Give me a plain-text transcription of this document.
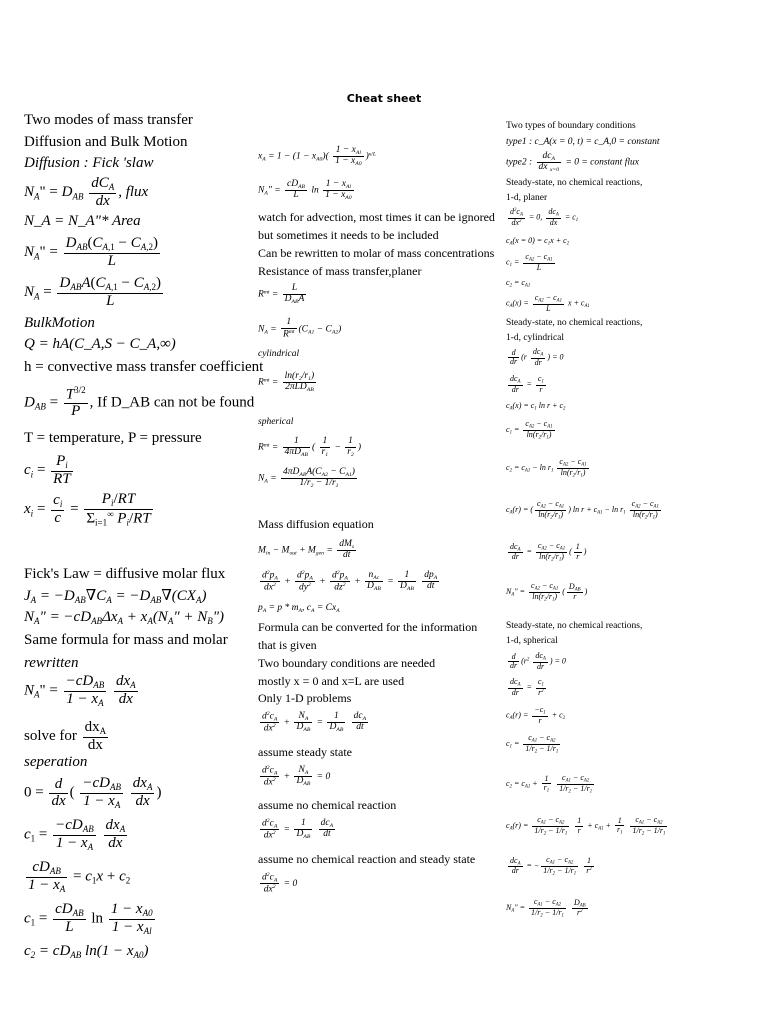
Cheat sheet
Two modes of mass transfer
Diffusion and Bulk Motion
Diffusion : Fick 'slaw
$N_A$" = $D_{AB} \frac{dC_A}{dx}$ , flux
N_A = N_A"* Area
$N_A$" = $\frac{D_{AB}(C_{A,1} - C_{A,2})}{L}$
$N_A = \frac{D_{AB}A(C_{A,1} - C_{A,2})}{L}$
BulkMotion
Q = hA(C_A,S − C_A,∞)
h = convective mass transfer coefficient
$D_{AB} = \frac{T^{3/2}}{P}$ , If D_AB can not be found
T = temperature, P = pressure
$c_i = \frac{P_i}{RT}$
$x_i = \frac{c_i}{c} = \frac{P_i/RT}{\Sigma_{i=1}^\infty P_i/RT}$
Fick's Law = diffusive molar flux
$J_A = -D_{AB}\nabla C_A = -D_{AB}\nabla(CX_A)$
$N_A$" = $-cD_{AB}\Delta x_A + x_A(N_A$" + $N_B$")
Same formula for mass and molar
rewritten
$N_A$" = $\frac{-cD_{AB}}{1 - x_A}$
$\frac{dx_A}{dx}$
solve for $\frac{dx_A}{dx}$
seperation
$0 = \frac{d}{dx}$ ( $\frac{-cD_{AB}}{1 - x_A}$
$\frac{dx_A}{dx}$ )
$c_1 = \frac{-cD_{AB}}{1 - x_A}$
$\frac{dx_A}{dx}$
$\frac{cD_{AB}}{1 - x_A} = c_1x + c_2$
$c_1 = \frac{cD_{AB}}{L}$ $\ln \frac{1 - x_{A0}}{1 - x_{Al}}$
$c_2 = cD_{AB}$ $\ln(1 - x_{A0})$
$x_A = 1 - (1 - x_{A0})( \frac{1 - x_{Al}}{1 - x_{A0}} )^{x/L}$
$N_A$" = $\frac{cD_{AB}}{L}$ $\ln \frac{1 - x_{Al}}{1 - x_{A0}}$
watch for advection, most times it can be ignored
but sometimes it needs to be included
Can be rewritten to molar of mass concentrations
Resistance of mass transfer,planer
$R^{mt} = \frac{L}{D_{AB}A}$
$N_A = \frac{1}{R^{mt}} (C_{A1} - C_{A2})$
cylindrical
$R^{mt} = \frac{\ln(r_2/r_1)}{2\pi LD_{AB}}$
spherical
$R^{mt} = \frac{1}{4\pi D_{AB}}$ ( $\frac{1}{r_1} - \frac{1}{r_2}$ )
$N_A = \frac{4\pi D_{AB}A(C_{A2} - C_{A1})}{1/r_2 - 1/r_1}$
Mass diffusion equation
$M_{in} - M_{out} + M_{gen} = \frac{dM_s}{dt}$
$\frac{d^2p_A}{dx^2} + \frac{d^2p_A}{dy^2} + \frac{d^2p_A}{dz^2} + \frac{n_{Ac}}{D_{AB}} = \frac{1}{D_{AB}}$
$\frac{dp_A}{dt}$
$p_A = p * m_A$, $c_A = Cx_A$
Formula can be converted for the information
that is given
Two boundary conditions are needed
mostly x = 0 and x=L are used
Only 1-D problems
$\frac{d^2c_A}{dx^2} + \frac{N_A}{D_{AB}} = \frac{1}{D_{AB}}$
$\frac{dc_A}{dt}$
assume steady state
$\frac{d^2c_A}{dx^2} + \frac{N_A}{D_{AB}} = 0$
assume no chemical reaction
$\frac{d^2c_A}{dx^2} = \frac{1}{D_{AB}}$
$\frac{dc_A}{dt}$
assume no chemical reaction and steady state
$\frac{d^2c_A}{dx^2} = 0$
Two types of boundary conditions
type1 : c_A(x = 0, t) = c_A,0 = constant
type2 : $\frac{dc_A}{dx _{x=0}} = 0$ = constant flux
Steady-state, no chemical reactions,
1-d, planer
$\frac{d^2c_A}{dx^2} = 0$, $\frac{dc_A}{dx} = c_1$
$c_A(x = 0) = c_1x + c_2$
$c_1 = \frac{c_{A2} - c_{A1}}{L}$
$c_2 = c_{A1}$
$c_A(x) = \frac{c_{A2} - c_{A1}}{L}$ $x + c_{A1}$
Steady-state, no chemical reactions,
1-d, cylindrical
$\frac{d}{dr} (r \frac{dc_A}{dr}$ ) = 0
$\frac{dc_A}{dr} = \frac{c_1}{r}$
$c_A(x) = c_1$ $\ln r + c_2$
$c_1 = \frac{c_{A2} - c_{A1}}{\ln(r_2/r_1)}$
$c_2 = c_{A1} - \ln r_1 \frac{c_{A2} - c_{A1}}{\ln(r_2/r_1)}$
$c_A(r)$ = ( $\frac{c_{A2} - c_{A1}}{\ln(r_2/r_1)}$ ) $\ln r + c_{A1} - \ln r_1 \frac{c_{A2} - c_{A1}}{\ln(r_2/r_1)}$
$\frac{dc_A}{dr} = \frac{c_{A2} - c_{A1}}{\ln(r_2/r_1)}$ ( $\frac{1}{r}$ )
$N_A$" = $\frac{c_{A2} - c_{A1}}{\ln(r_2/r_1)}$ ( $\frac{D_{AB}}{r}$ )
Steady-state, no chemical reactions,
1-d, spherical
$\frac{d}{dr} (r^2 \frac{dc_A}{dr}$ ) = 0
$\frac{dc_A}{dr} = \frac{c_1}{r^2}$
$c_A(r) = \frac{-c_1}{r} + c_2$
$c_1 = \frac{c_{A1} - c_{A2}}{1/r_2 - 1/r_1}$
$c_2 = c_{A1} + \frac{1}{r_1}$
$\frac{c_{A1} - c_{A2}}{1/r_2 - 1/r_1}$
$c_A(r) = \frac{c_{A1} - c_{A2}}{1/r_2 - 1/r_1}$
$\frac{1}{r} + c_{A1} + \frac{1}{r_1}$
$\frac{c_{A1} - c_{A2}}{1/r_2 - 1/r_1}$
$\frac{dc_A}{dr}$ = − $\frac{c_{A1} - c_{A2}}{1/r_2 - 1/r_1}$
$\frac{1}{r^2}$
$N_A$" = $\frac{c_{A1} - c_{A2}}{1/r_2 - 1/r_1}$
$\frac{D_{AB}}{r^2}$
